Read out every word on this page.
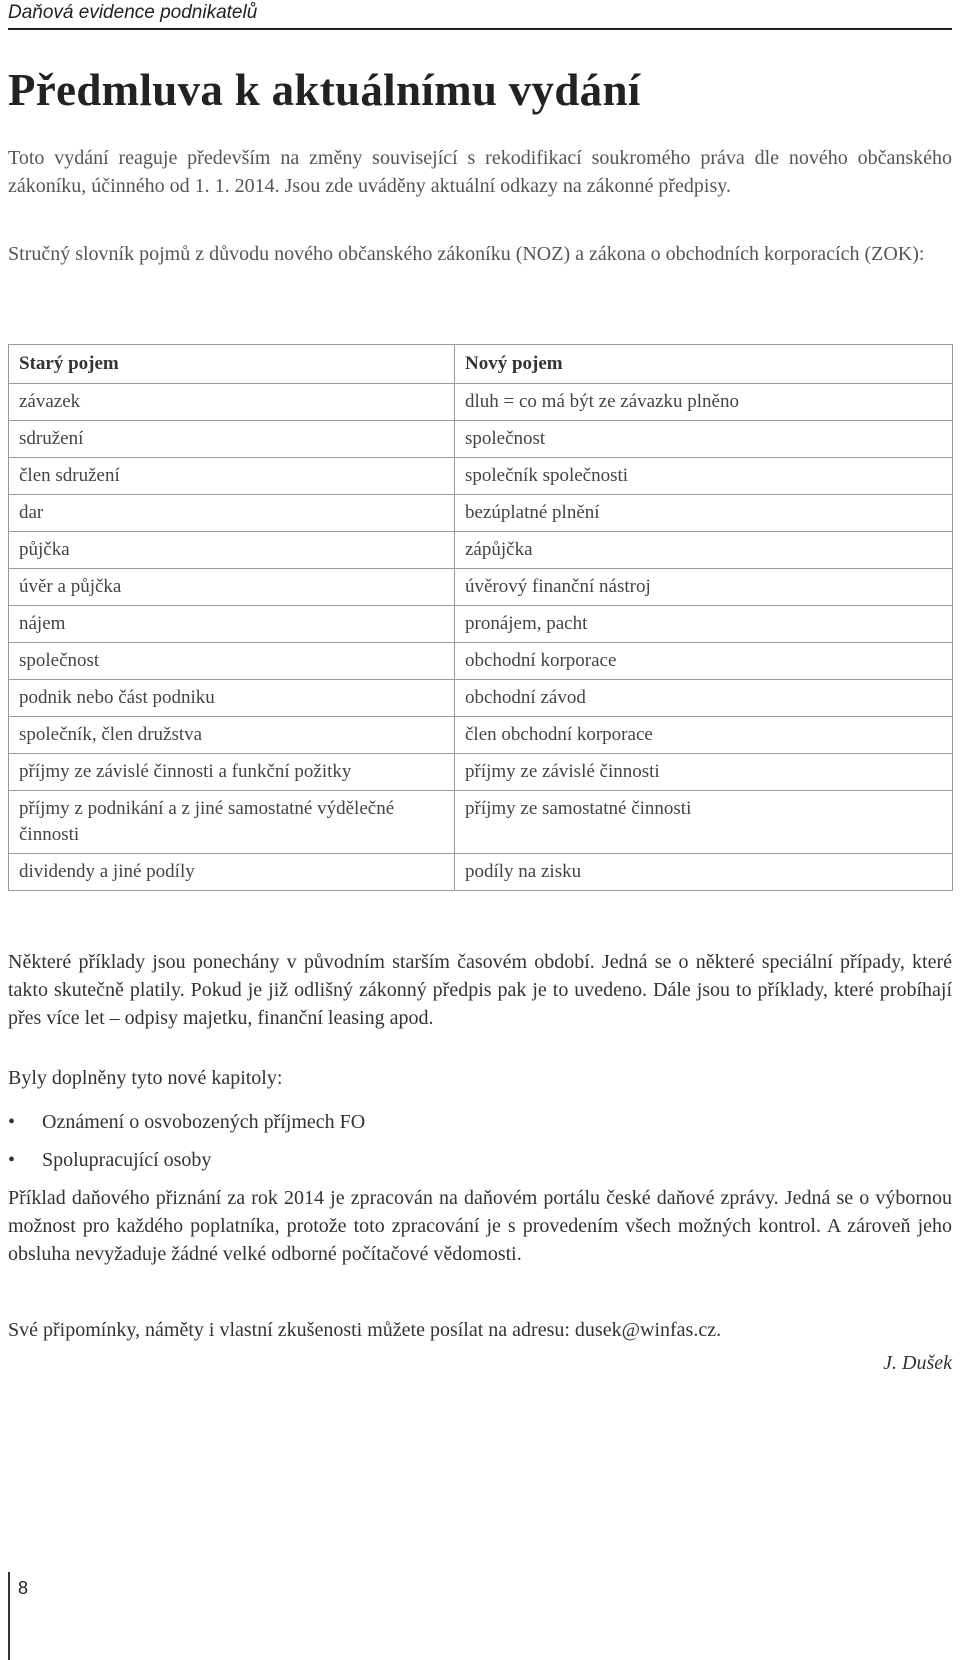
Daňová evidence podnikatelů
Předmluva k aktuálnímu vydání

Toto vydání reaguje především na změny související s rekodifikací soukromého práva dle nového občanského zákoníku, účinného od 1. 1. 2014. Jsou zde uváděny aktuální odkazy na zákonné předpisy.

Stručný slovník pojmů z důvodu nového občanského zákoníku (NOZ) a zákona o obchodních korporacích (ZOK):

Starý pojem	Nový pojem
závazek	dluh = co má být ze závazku plněno
sdružení	společnost
člen sdružení	společník společnosti
dar	bezúplatné plnění
půjčka	zápůjčka
úvěr a půjčka	úvěrový finanční nástroj
nájem	pronájem, pacht
společnost	obchodní korporace
podnik nebo část podniku	obchodní závod
společník, člen družstva	člen obchodní korporace
příjmy ze závislé činnosti a funkční požitky	příjmy ze závislé činnosti
příjmy z podnikání a z jiné samostatné výdělečné činnosti	příjmy ze samostatné činnosti
dividendy a jiné podíly	podíly na zisku

Některé příklady jsou ponechány v původním starším časovém období. Jedná se o některé speciální případy, které takto skutečně platily. Pokud je již odlišný zákonný předpis pak je to uvedeno. Dále jsou to příklady, které probíhají přes více let – odpisy majetku, finanční leasing apod.

Byly doplněny tyto nové kapitoly:

• Oznámení o osvobozených příjmech FO
• Spolupracující osoby

Příklad daňového přiznání za rok 2014 je zpracován na daňovém portálu české daňové zprávy. Jedná se o výbornou možnost pro každého poplatníka, protože toto zpracování je s provedením všech možných kontrol. A zároveň jeho obsluha nevyžaduje žádné velké odborné počítačové vědomosti.

Své připomínky, náměty i vlastní zkušenosti můžete posílat na adresu: dusek@winfas.cz.

J. Dušek
8
